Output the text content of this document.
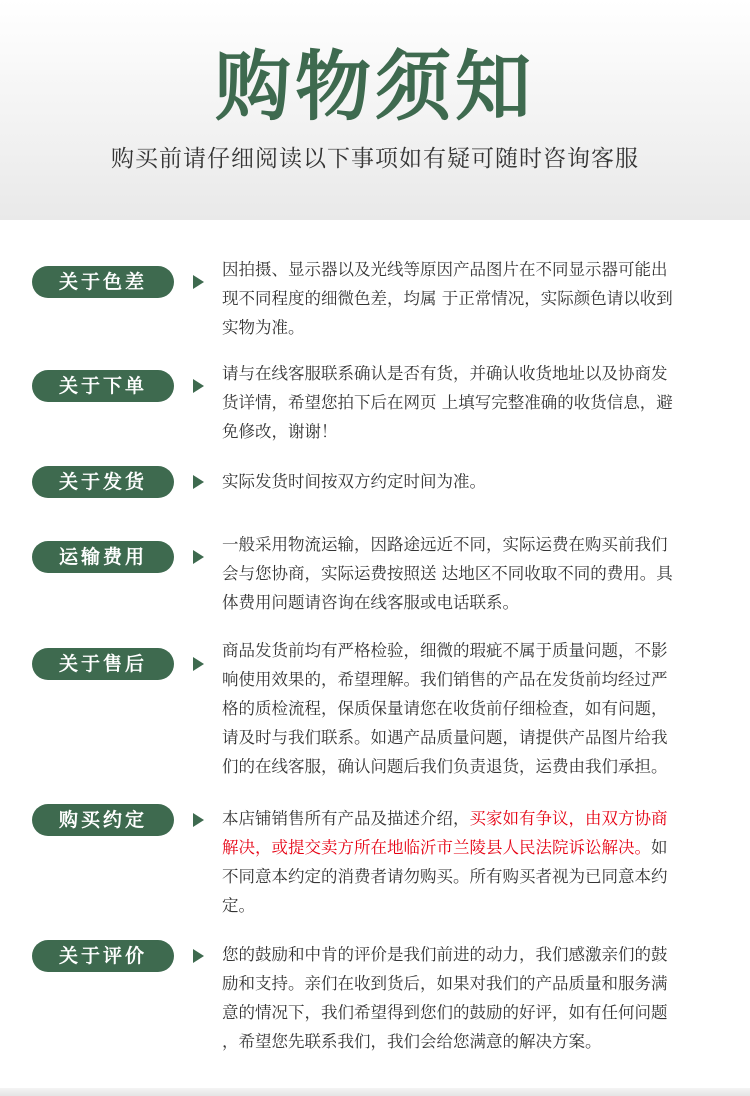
购物须知
购买前请仔细阅读以下事项如有疑可随时咨询客服
关于色差
因拍摄、显示器以及光线等原因产品图片在不同显示器可能出
现不同程度的细微色差，均属 于正常情况，实际颜色请以收到
实物为准。
关于下单
请与在线客服联系确认是否有货，并确认收货地址以及协商发
货详情，希望您拍下后在网页 上填写完整准确的收货信息，避
免修改，谢谢！
关于发货	实际发货时间按双方约定时间为准。
运输费用
一般采用物流运输，因路途远近不同，实际运费在购买前我们
会与您协商，实际运费按照送 达地区不同收取不同的费用。具
体费用问题请咨询在线客服或电话联系。
关于售后
商品发货前均有严格检验，细微的瑕疵不属于质量问题，不影
响使用效果的，希望理解。我们销售的产品在发货前均经过严
格的质检流程，保质保量请您在收货前仔细检查，如有问题，
请及时与我们联系。如遇产品质量问题，请提供产品图片给我
们的在线客服，确认问题后我们负责退货，运费由我们承担。
购买约定	本店铺销售所有产品及描述介绍，买家如有争议，由双方协商
解决，或提交卖方所在地临沂市兰陵县人民法院诉讼解决。如
不同意本约定的消费者请勿购买。所有购买者视为已同意本约
定。
关于评价	您的鼓励和中肯的评价是我们前进的动力，我们感激亲们的鼓
励和支持。亲们在收到货后，如果对我们的产品质量和服务满
意的情况下，我们希望得到您们的鼓励的好评，如有任何问题
，希望您先联系我们，我们会给您满意的解决方案。
